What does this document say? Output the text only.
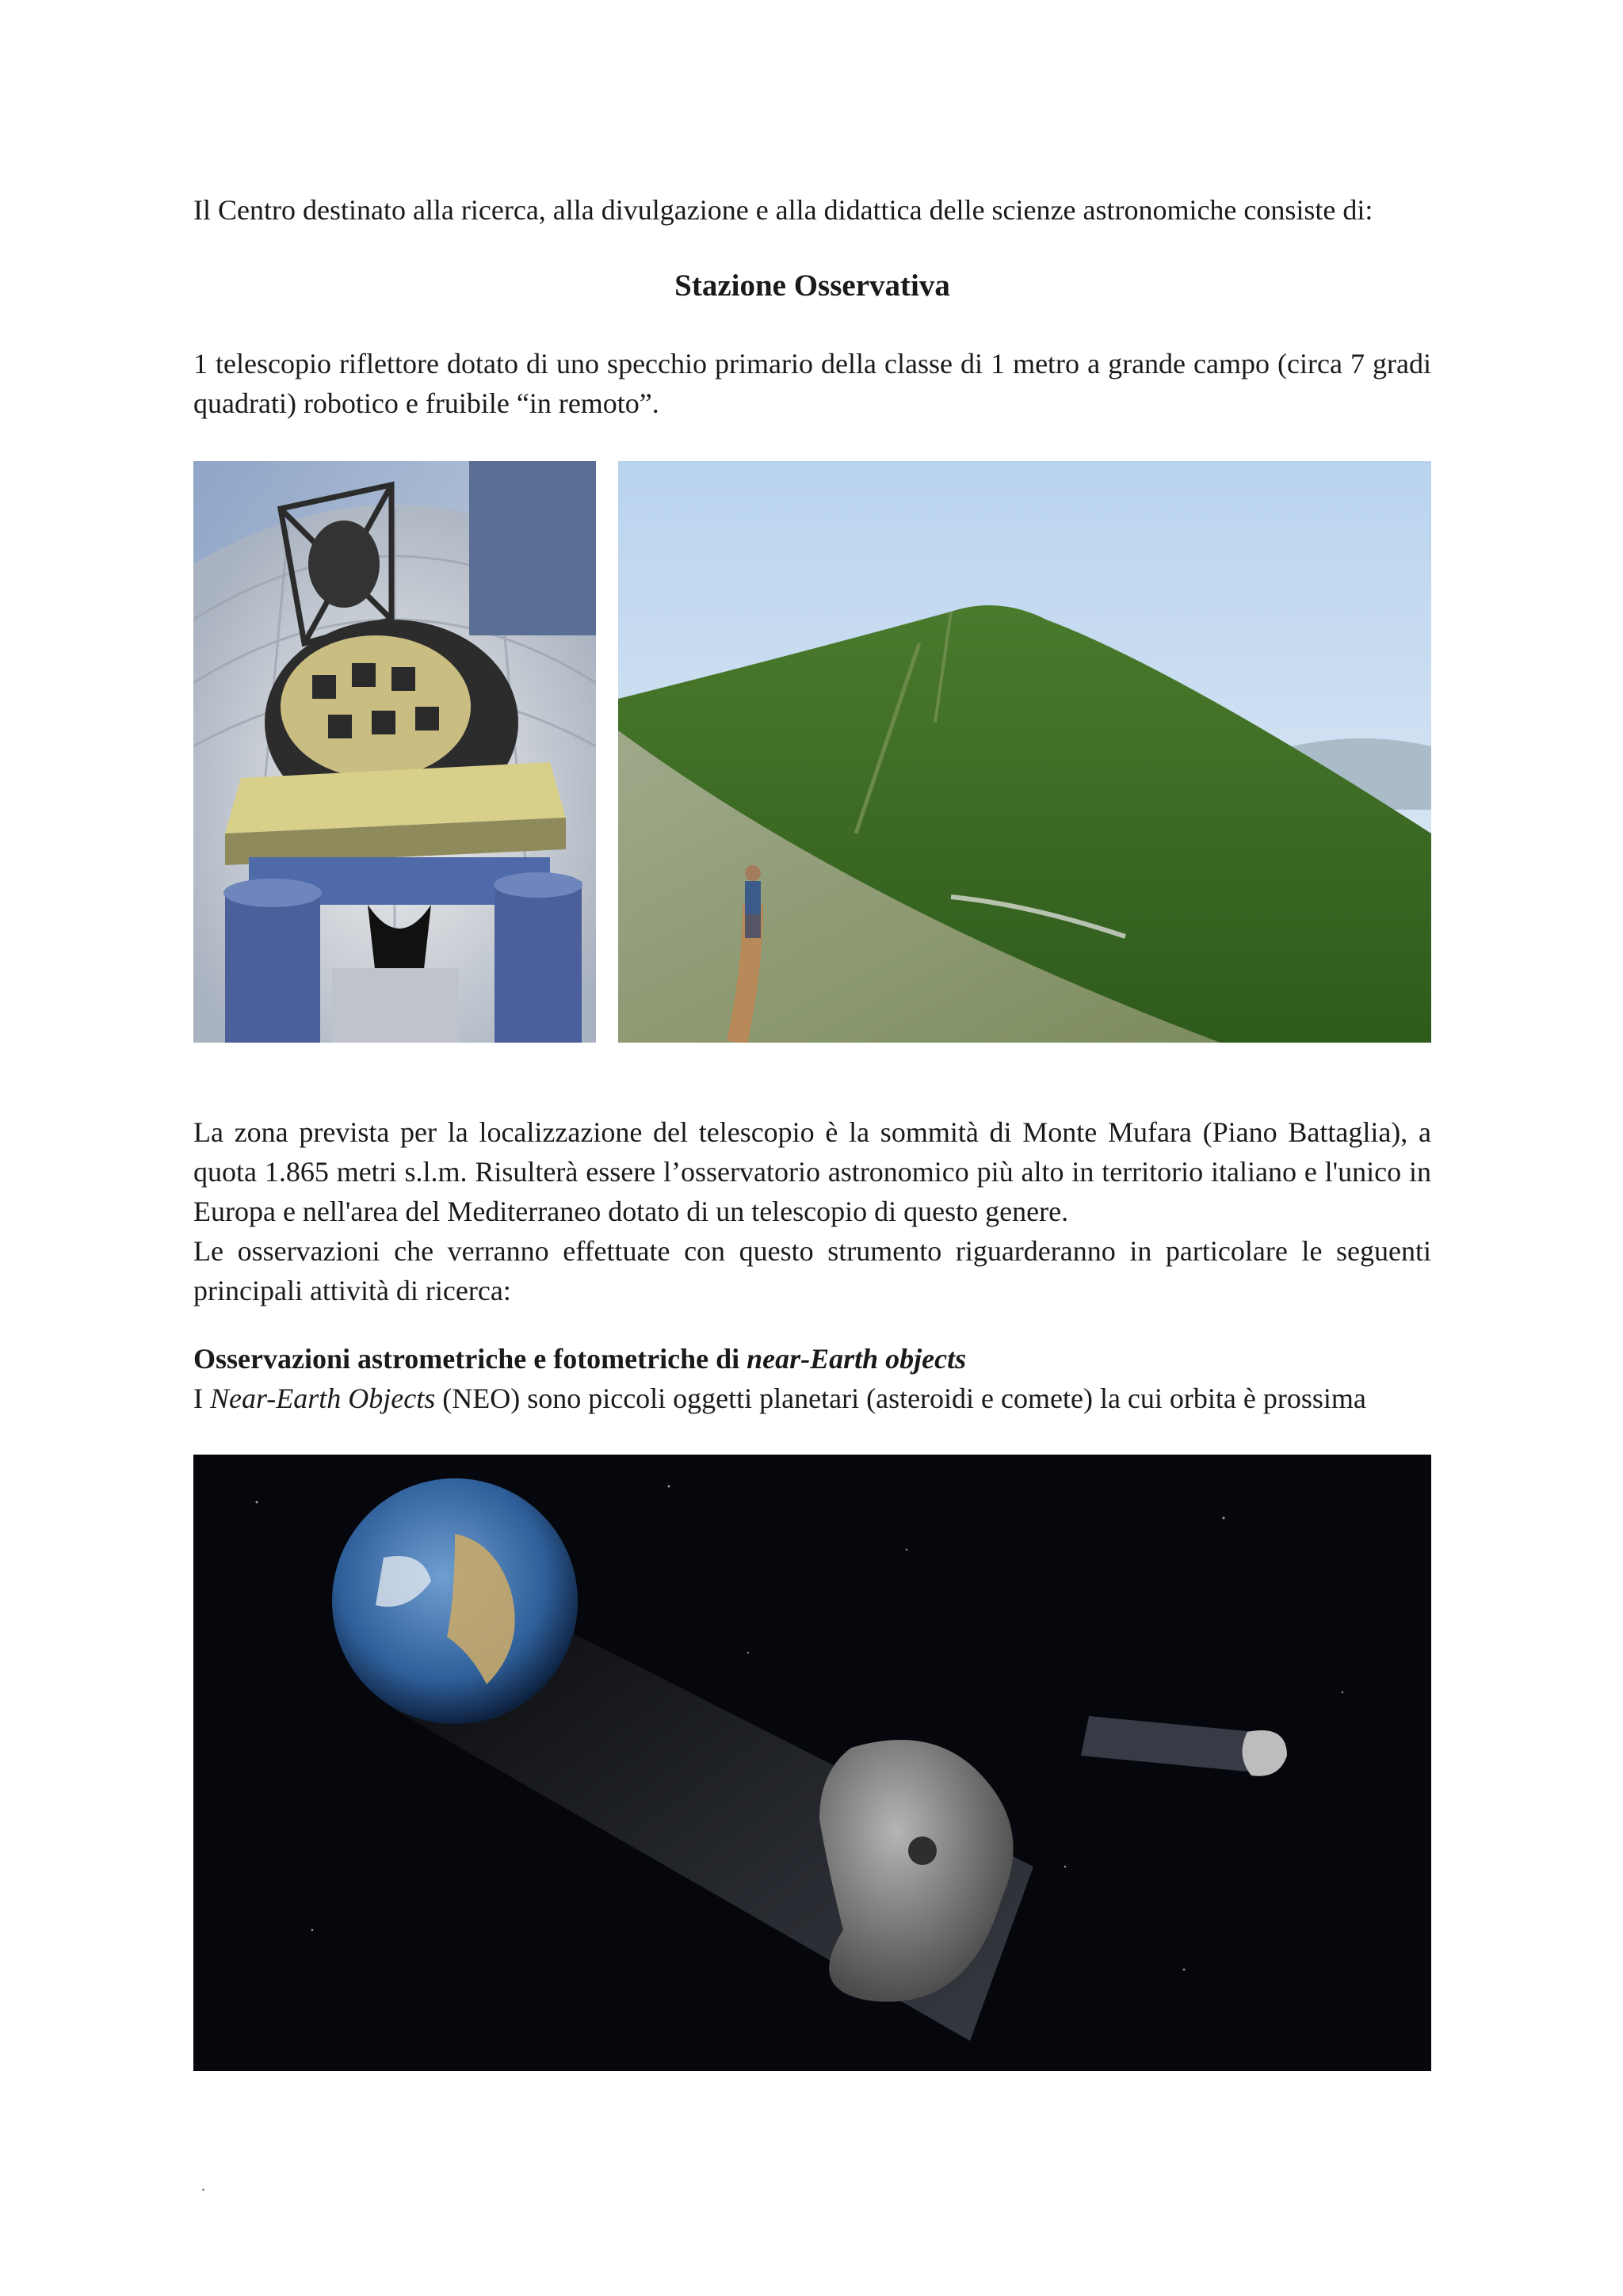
Il Centro destinato alla ricerca, alla divulgazione e alla didattica delle scienze astronomiche consiste di:
Stazione Osservativa
1 telescopio riflettore dotato di uno specchio primario della classe di 1 metro a grande campo (circa 7 gradi quadrati) robotico e fruibile “in remoto”.
La zona prevista per la localizzazione del telescopio è la sommità di Monte Mufara (Piano Battaglia), a quota 1.865 metri s.l.m. Risulterà essere l’osservatorio astronomico più alto in territorio italiano e l'unico in Europa e nell'area del Mediterraneo dotato di un telescopio di questo genere.
Le osservazioni che verranno effettuate con questo strumento riguarderanno in particolare le seguenti principali attività di ricerca:
Osservazioni astrometriche e fotometriche di near-Earth objects
I Near-Earth Objects (NEO) sono piccoli oggetti planetari (asteroidi e comete) la cui orbita è prossima
.
